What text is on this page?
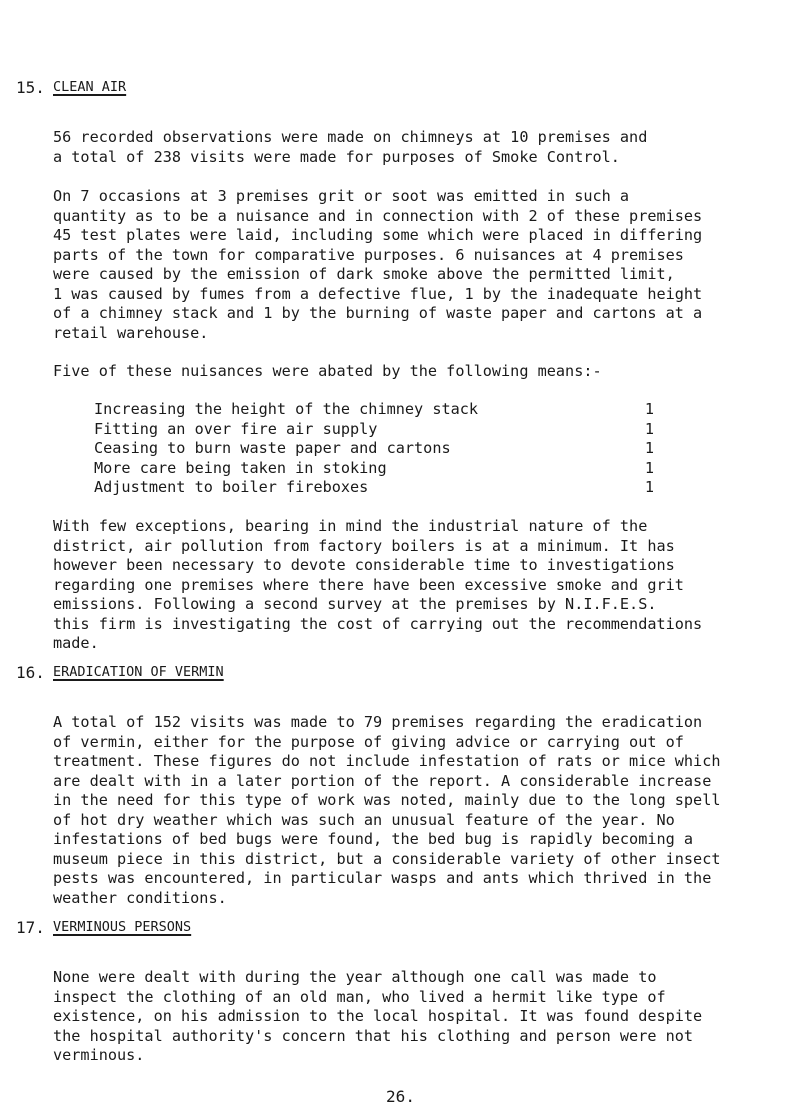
15. CLEAN AIR

56 recorded observations were made on chimneys at 10 premises and
a total of 238 visits were made for purposes of Smoke Control.

On 7 occasions at 3 premises grit or soot was emitted in such a
quantity as to be a nuisance and in connection with 2 of these premises
45 test plates were laid, including some which were placed in differing
parts of the town for comparative purposes. 6 nuisances at 4 premises
were caused by the emission of dark smoke above the permitted limit,
1 was caused by fumes from a defective flue, 1 by the inadequate height
of a chimney stack and 1 by the burning of waste paper and cartons at a
retail warehouse.

Five of these nuisances were abated by the following means:-

Increasing the height of the chimney stack	1
Fitting an over fire air supply	1
Ceasing to burn waste paper and cartons	1
More care being taken in stoking	1
Adjustment to boiler fireboxes	1

With few exceptions, bearing in mind the industrial nature of the
district, air pollution from factory boilers is at a minimum. It has
however been necessary to devote considerable time to investigations
regarding one premises where there have been excessive smoke and grit
emissions. Following a second survey at the premises by N.I.F.E.S.
this firm is investigating the cost of carrying out the recommendations
made.

16. ERADICATION OF VERMIN

A total of 152 visits was made to 79 premises regarding the eradication
of vermin, either for the purpose of giving advice or carrying out of
treatment. These figures do not include infestation of rats or mice which
are dealt with in a later portion of the report. A considerable increase
in the need for this type of work was noted, mainly due to the long spell
of hot dry weather which was such an unusual feature of the year. No
infestations of bed bugs were found, the bed bug is rapidly becoming a
museum piece in this district, but a considerable variety of other insect
pests was encountered, in particular wasps and ants which thrived in the
weather conditions.

17. VERMINOUS PERSONS

None were dealt with during the year although one call was made to
inspect the clothing of an old man, who lived a hermit like type of
existence, on his admission to the local hospital. It was found despite
the hospital authority's concern that his clothing and person were not
verminous.

26.
